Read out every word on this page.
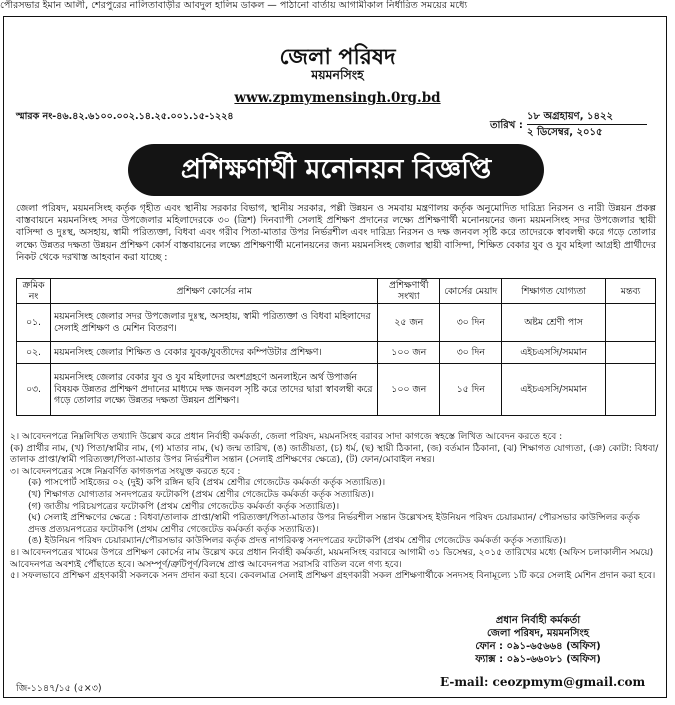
পৌরসভার ইমান আলী, শেরপুরের নালিতাবাড়ীর আবদুল হালিম ডাকল — পাঠানো বার্তায় আগামীকাল নির্ধারিত সময়ের মধ্যে
জেলা পরিষদ
ময়মনসিংহ
www.zpmymensingh.0rg.bd
স্মারক নং-৪৬.৪২.৬১০০.০০২.১৪.২৫.০০১.১৫-১২২৪
তারিখ :
১৮ অগ্রহায়ণ, ১৪২২
২ ডিসেম্বর, ২০১৫
প্রশিক্ষণার্থী মনোনয়ন বিজ্ঞপ্তি
জেলা পরিষদ, ময়মনসিংহ কর্তৃক গৃহীত এবং স্থানীয় সরকার বিভাগ, স্থানীয় সরকার, পল্লী উন্নয়ন ও সমবায় মন্ত্রণালয় কর্তৃক অনুমোদিত দারিদ্র্য নিরসন ও নারী উন্নয়ন প্রকল্প বাস্তবায়নে ময়মনসিংহ সদর উপজেলার মহিলাদেরকে ৩০ (ত্রিশ) দিনব্যাপী সেলাই প্রশিক্ষণ প্রদানের লক্ষ্যে প্রশিক্ষণার্থী মনোনয়নের জন্য ময়মনসিংহ সদর উপজেলার স্থায়ী বাসিন্দা ও দুঃস্থ, অসহায়, স্বামী পরিত্যক্তা, বিধবা এবং গরীব পিতা-মাতার উপর নির্ভরশীল এবং দারিদ্র্য নিরসন ও দক্ষ জনবল সৃষ্টি করে তাদেরকে স্বাবলম্বী করে গড়ে তোলার লক্ষ্যে উন্নতর দক্ষতা উন্নয়ন প্রশিক্ষণ কোর্স বাস্তবায়নের লক্ষ্যে প্রশিক্ষণার্থী মনোনয়নের জন্য ময়মনসিংহ জেলার স্থায়ী বাসিন্দা, শিক্ষিত বেকার যুব ও যুব মহিলা আগ্রহী প্রার্থীদের নিকট থেকে দরখাস্ত আহবান করা যাচ্ছে :
ক্রমিক নং	প্রশিক্ষণ কোর্সের নাম	প্রশিক্ষণার্থী সংখ্যা	কোর্সের মেয়াদ	শিক্ষাগত যোগ্যতা	মন্তব্য
০১.	ময়মনসিংহ জেলার সদর উপজেলার দুঃস্থ, অসহায়, স্বামী পরিত্যক্তা ও বিধবা মহিলাদের সেলাই প্রশিক্ষণ ও মেশিন বিতরণ।	২৫ জন	৩০ দিন	অষ্টম শ্রেণী পাস	
০২.	ময়মনসিংহ জেলার শিক্ষিত ও বেকার যুবক/যুবতীদের কম্পিউটার প্রশিক্ষণ।	১০০ জন	৩০ দিন	এইচএসসি/সমমান	
০৩.	ময়মনসিংহ জেলার বেকার যুব ও যুব মহিলাদের অংশগ্রহণে অনলাইনে অর্থ উপার্জন বিষয়ক উন্নতর প্রশিক্ষণ প্রদানের মাধ্যমে দক্ষ জনবল সৃষ্টি করে তাদের দ্বারা স্বাবলম্বী করে গড়ে তোলার লক্ষ্যে উন্নতর দক্ষতা উন্নয়ন প্রশিক্ষণ।	১০০ জন	১৫ দিন	এইচএসসি/সমমান	

২। আবেদনপত্রে নিম্নলিখিত তথ্যাদি উল্লেখ করে প্রধান নির্বাহী কর্মকর্তা, জেলা পরিষদ, ময়মনসিংহ বরাবর সাদা কাগজে স্বহস্তে লিখিত আবেদন করতে হবে :

(ক) প্রার্থীর নাম, (খ) পিতা/স্বামীর নাম, (গ) মাতার নাম, (ঘ) জন্ম তারিখ, (ঙ) জাতীয়তা, (চ) ধর্ম, (ছ) স্থায়ী ঠিকানা, (জ) বর্তমান ঠিকানা, (ঝ) শিক্ষাগত যোগ্যতা, (ঞ) কোটা: বিধবা/তালাক প্রাপ্তা/স্বামী পরিত্যক্তা/পিতা-মাতার উপর নির্ভরশীল সন্তান (সেলাই প্রশিক্ষণের ক্ষেত্রে), (ট) ফোন/মোবাইল নম্বর।

৩। আবেদনপত্রের সঙ্গে নিম্নবর্ণিত কাগজপত্র সংযুক্ত করতে হবে :

(ক) পাসপোর্ট সাইজের ০২ (দুই) কপি রঙ্গিন ছবি (প্রথম শ্রেণীর গেজেটেড কর্মকর্তা কর্তৃক সত্যায়িত)।

(খ) শিক্ষাগত যোগ্যতার সনদপত্রের ফটোকপি (প্রথম শ্রেণীর গেজেটেড কর্মকর্তা কর্তৃক সত্যায়িত)।

(গ) জাতীয় পরিচয়পত্রের ফটোকপি (প্রথম শ্রেণীর গেজেটেড কর্মকর্তা কর্তৃক সত্যায়িত)।

(ঘ) সেলাই প্রশিক্ষণের ক্ষেত্রে : বিধবা/তালাক প্রাপ্তা/স্বামী পরিত্যক্তা/পিতা-মাতার উপর নির্ভরশীল সন্তান উল্লেখসহ ইউনিয়ন পরিষদ চেয়ারম্যান/ পৌরসভার কাউন্সিলর কর্তৃক প্রদত্ত প্রত্যয়নপত্রের ফটোকপি (প্রথম শ্রেণীর গেজেটেড কর্মকর্তা কর্তৃক সত্যায়িত)।

(ঙ) ইউনিয়ন পরিষদ চেয়ারম্যান/পৌরসভার কাউন্সিলর কর্তৃক প্রদত্ত নাগরিকত্ব সনদপত্রের ফটোকপি (প্রথম শ্রেণীর গেজেটেড কর্মকর্তা কর্তৃক সত্যায়িত)।

৪। আবেদনপত্রের খামের উপরে প্রশিক্ষণ কোর্সের নাম উল্লেখ করে প্রধান নির্বাহী কর্মকর্তা, ময়মনসিংহ বরাবরে আগামী ৩১ ডিসেম্বর, ২০১৫ তারিখের মধ্যে (অফিস চলাকালীন সময়ে) আবেদনপত্র অবশ্যই পৌঁছাতে হবে। অসম্পূর্ণ/ত্রুটিপূর্ণ/বিলম্বে প্রাপ্ত আবেদনপত্র সরাসরি বাতিল বলে গণ্য হবে।

৫। সফলভাবে প্রশিক্ষণ গ্রহণকারী সকলকে সনদ প্রদান করা হবে। কেবলমাত্র সেলাই প্রশিক্ষণ গ্রহণকারী সকল প্রশিক্ষণার্থীকে সনদসহ বিনামূল্যে ১টি করে সেলাই মেশিন প্রদান করা হবে।

প্রধান নির্বাহী কর্মকর্তা
জেলা পরিষদ, ময়মনসিংহ
ফোন : ০৯১-৬৫৬৬৪ (অফিস)
ফ্যাক্স : ০৯১-৬৬০৮১ (অফিস)
E-mail: ceozpmym@gmail.com
জি-১১৪৭/১৫ (৫×৩)
